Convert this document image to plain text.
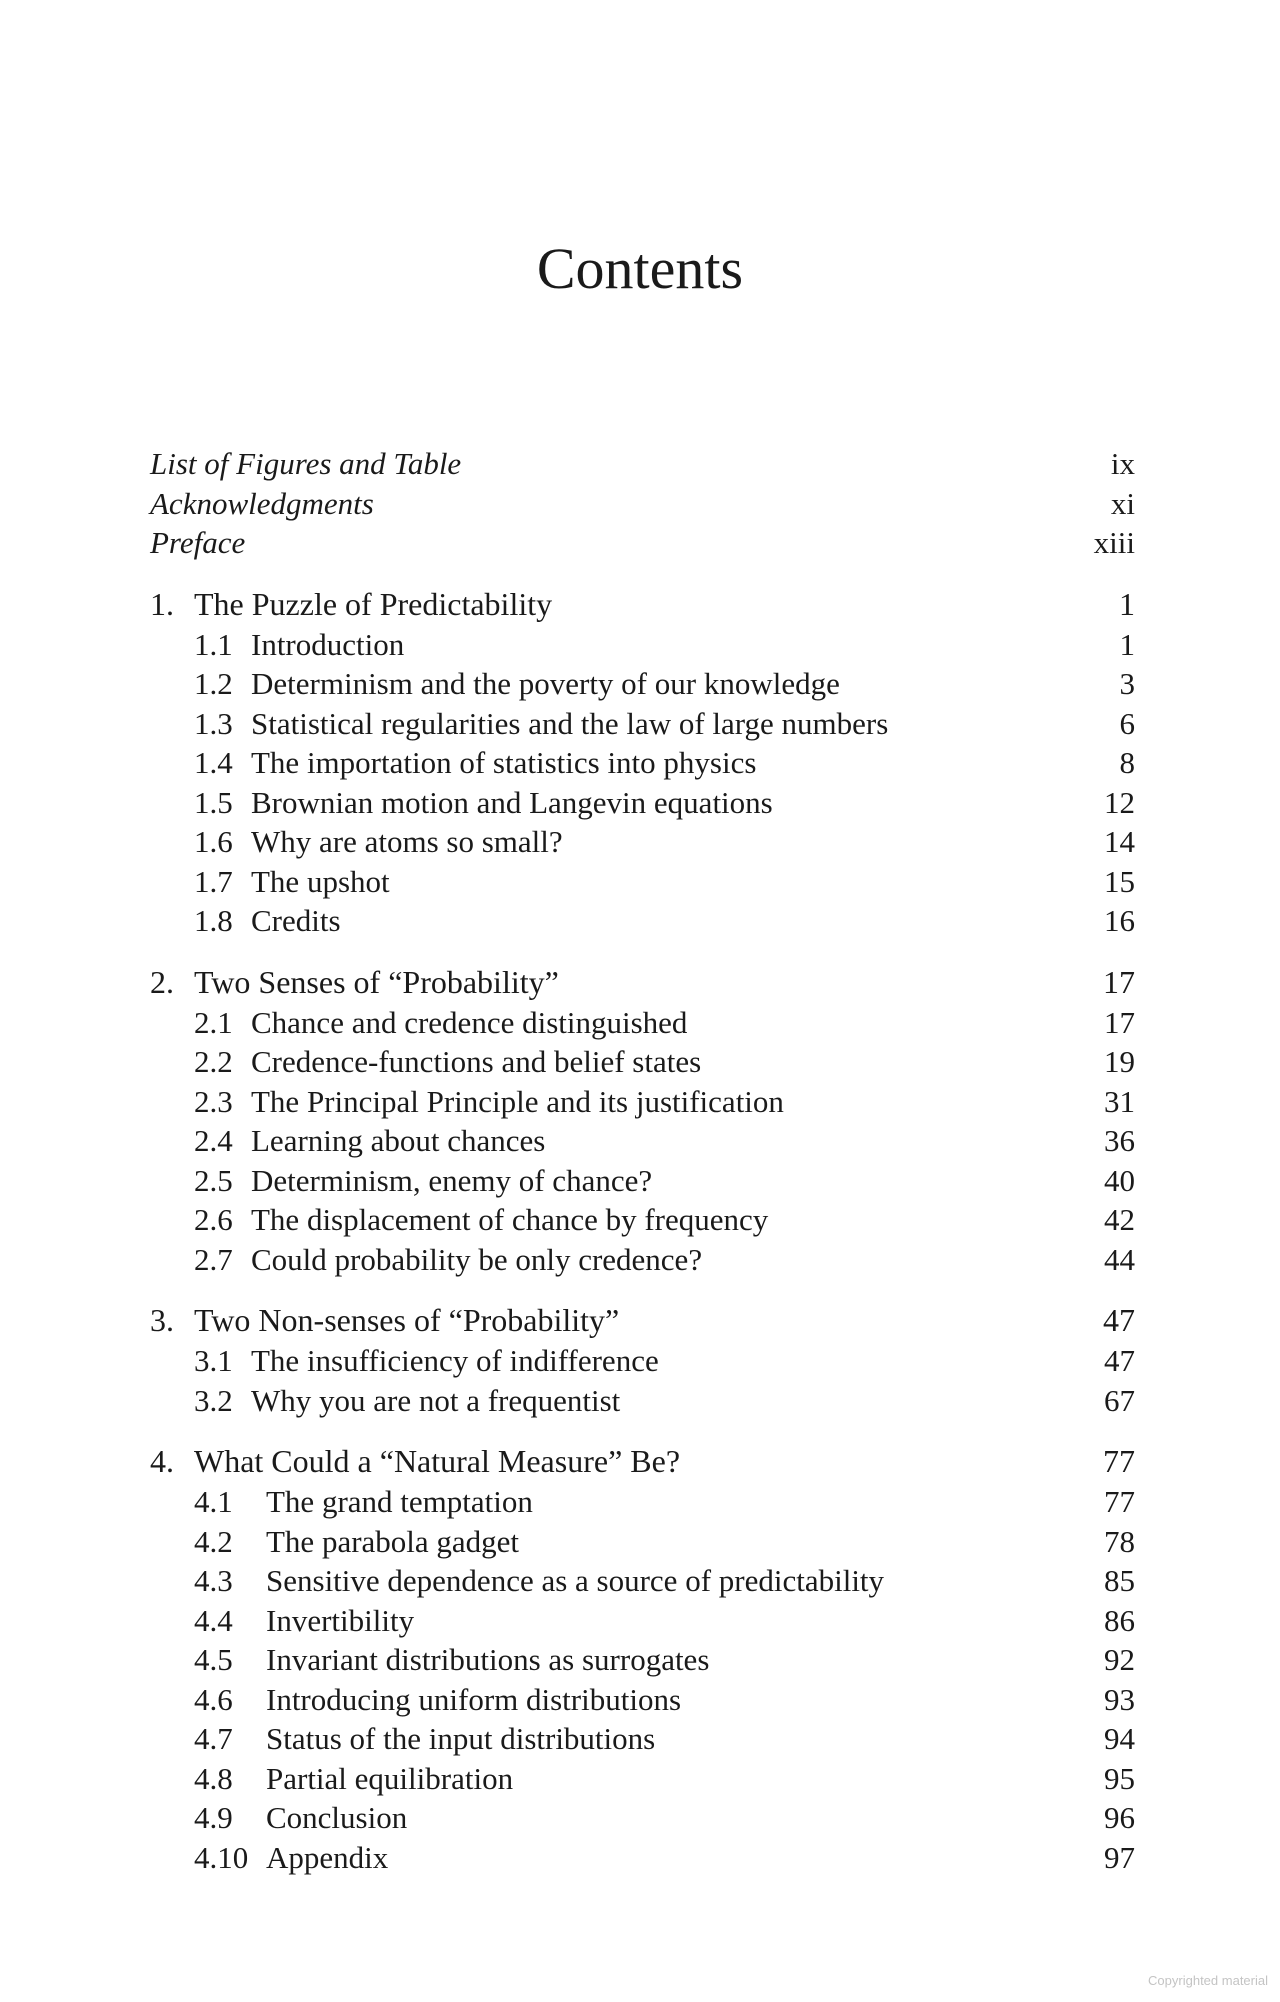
Contents
List of Figures and Table	ix
Acknowledgments	xi
Preface	xiii
1. The Puzzle of Predictability	1
1.1 Introduction	1
1.2 Determinism and the poverty of our knowledge	3
1.3 Statistical regularities and the law of large numbers	6
1.4 The importation of statistics into physics	8
1.5 Brownian motion and Langevin equations	12
1.6 Why are atoms so small?	14
1.7 The upshot	15
1.8 Credits	16
2. Two Senses of “Probability”	17
2.1 Chance and credence distinguished	17
2.2 Credence-functions and belief states	19
2.3 The Principal Principle and its justification	31
2.4 Learning about chances	36
2.5 Determinism, enemy of chance?	40
2.6 The displacement of chance by frequency	42
2.7 Could probability be only credence?	44
3. Two Non-senses of “Probability”	47
3.1 The insufficiency of indifference	47
3.2 Why you are not a frequentist	67
4. What Could a “Natural Measure” Be?	77
4.1 The grand temptation	77
4.2 The parabola gadget	78
4.3 Sensitive dependence as a source of predictability	85
4.4 Invertibility	86
4.5 Invariant distributions as surrogates	92
4.6 Introducing uniform distributions	93
4.7 Status of the input distributions	94
4.8 Partial equilibration	95
4.9 Conclusion	96
4.10 Appendix	97
Copyrighted material
